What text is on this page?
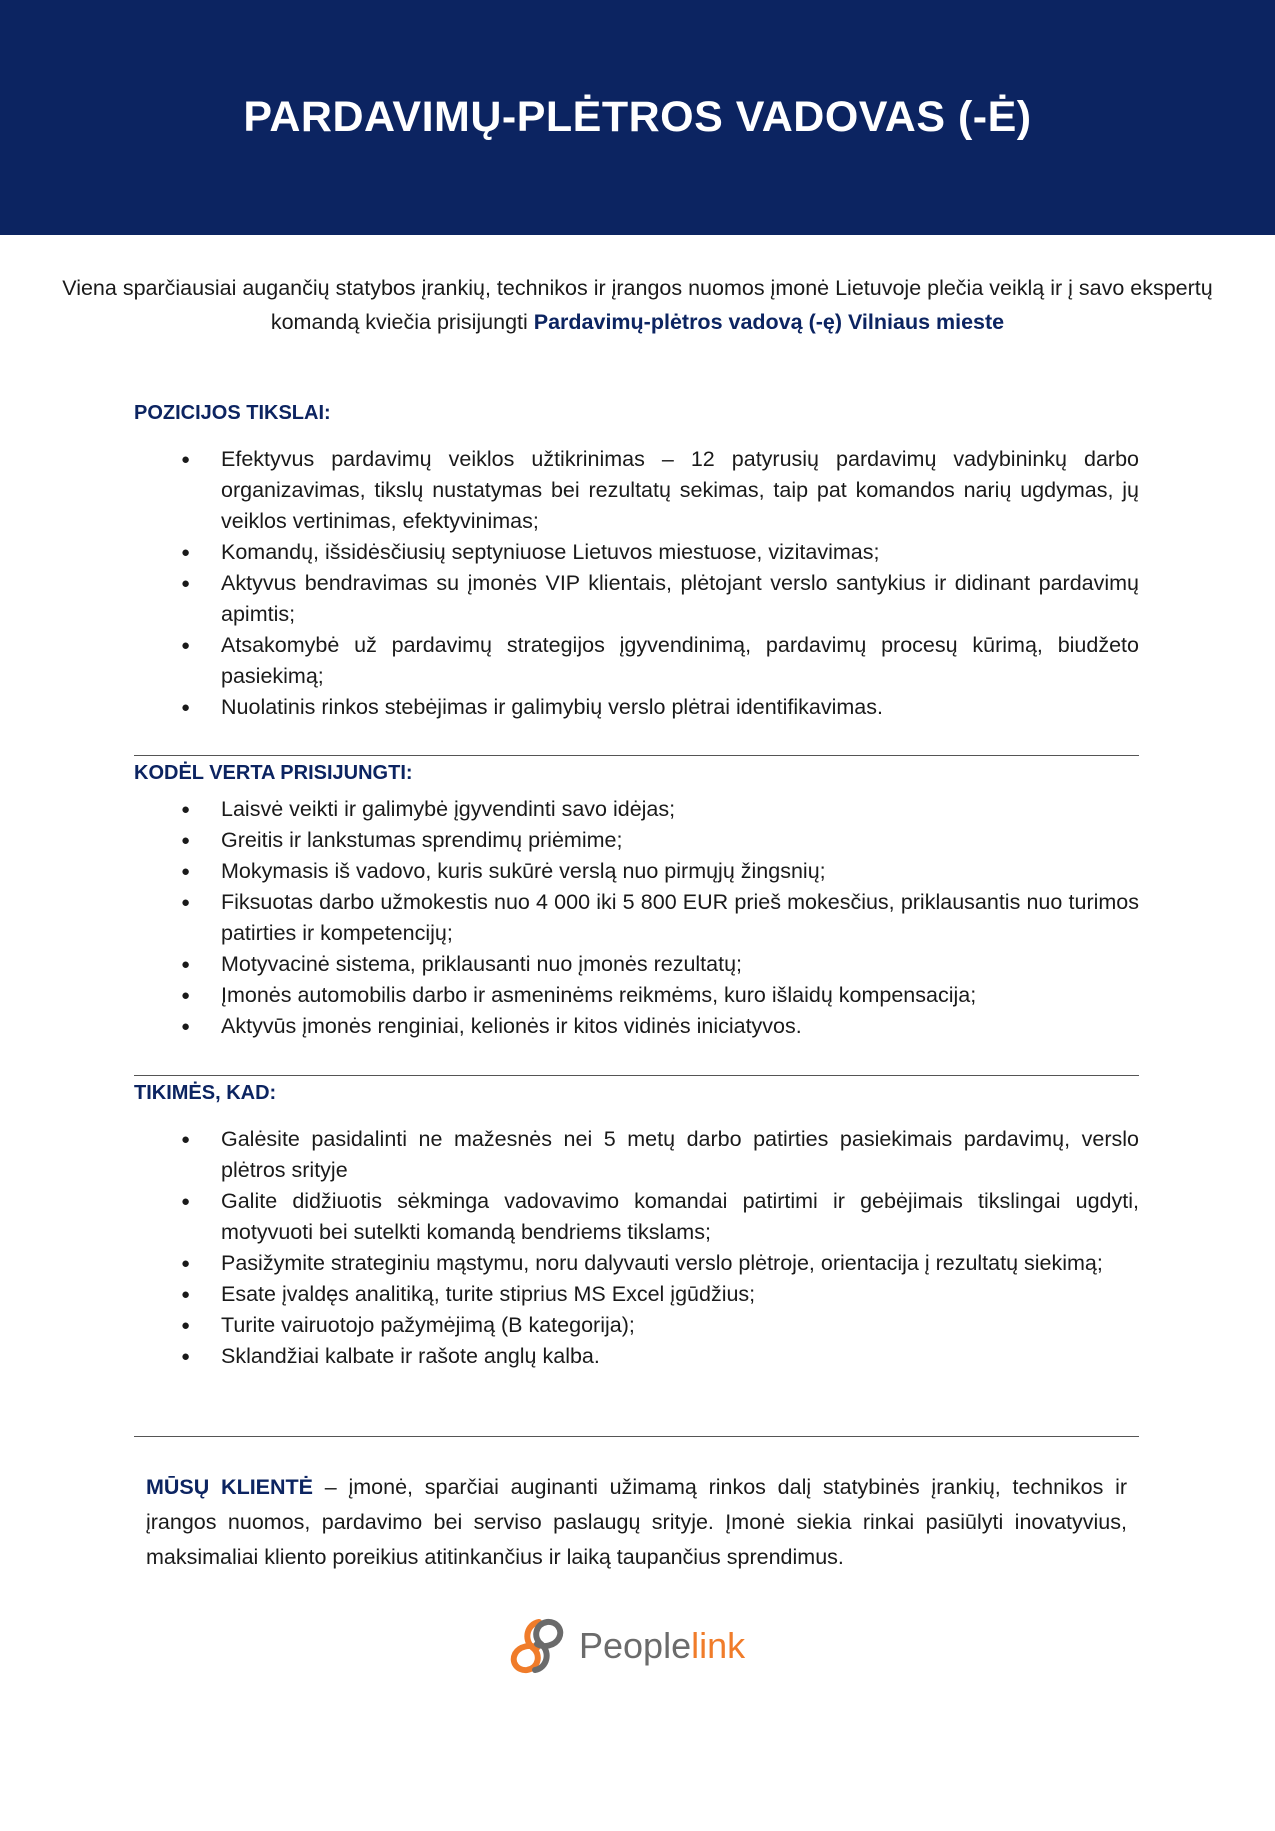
PARDAVIMŲ-PLĖTROS VADOVAS (-Ė)
Viena sparčiausiai augančių statybos įrankių, technikos ir įrangos nuomos įmonė Lietuvoje plečia veiklą ir į savo ekspertų komandą kviečia prisijungti Pardavimų-plėtros vadovą (-ę) Vilniaus mieste
POZICIJOS TIKSLAI:
● Efektyvus pardavimų veiklos užtikrinimas – 12 patyrusių pardavimų vadybininkų darbo organizavimas, tikslų nustatymas bei rezultatų sekimas, taip pat komandos narių ugdymas, jų veiklos vertinimas, efektyvinimas;
● Komandų, išsidėsčiusių septyniuose Lietuvos miestuose, vizitavimas;
● Aktyvus bendravimas su įmonės VIP klientais, plėtojant verslo santykius ir didinant pardavimų apimtis;
● Atsakomybė už pardavimų strategijos įgyvendinimą, pardavimų procesų kūrimą, biudžeto pasiekimą;
● Nuolatinis rinkos stebėjimas ir galimybių verslo plėtrai identifikavimas.
KODĖL VERTA PRISIJUNGTI:
● Laisvė veikti ir galimybė įgyvendinti savo idėjas;
● Greitis ir lankstumas sprendimų priėmime;
● Mokymasis iš vadovo, kuris sukūrė verslą nuo pirmųjų žingsnių;
● Fiksuotas darbo užmokestis nuo 4 000 iki 5 800 EUR prieš mokesčius, priklausantis nuo turimos patirties ir kompetencijų;
● Motyvacinė sistema, priklausanti nuo įmonės rezultatų;
● Įmonės automobilis darbo ir asmeninėms reikmėms, kuro išlaidų kompensacija;
● Aktyvūs įmonės renginiai, kelionės ir kitos vidinės iniciatyvos.
TIKIMĖS, KAD:
● Galėsite pasidalinti ne mažesnės nei 5 metų darbo patirties pasiekimais pardavimų, verslo plėtros srityje
● Galite didžiuotis sėkminga vadovavimo komandai patirtimi ir gebėjimais tikslingai ugdyti, motyvuoti bei sutelkti komandą bendriems tikslams;
● Pasižymite strateginiu mąstymu, noru dalyvauti verslo plėtroje, orientacija į rezultatų siekimą;
● Esate įvaldęs analitiką, turite stiprius MS Excel įgūdžius;
● Turite vairuotojo pažymėjimą (B kategorija);
● Sklandžiai kalbate ir rašote anglų kalba.
MŪSŲ KLIENTĖ – įmonė, sparčiai auginanti užimamą rinkos dalį statybinės įrankių, technikos ir įrangos nuomos, pardavimo bei serviso paslaugų srityje. Įmonė siekia rinkai pasiūlyti inovatyvius, maksimaliai kliento poreikius atitinkančius ir laiką taupančius sprendimus.
Peoplelink
